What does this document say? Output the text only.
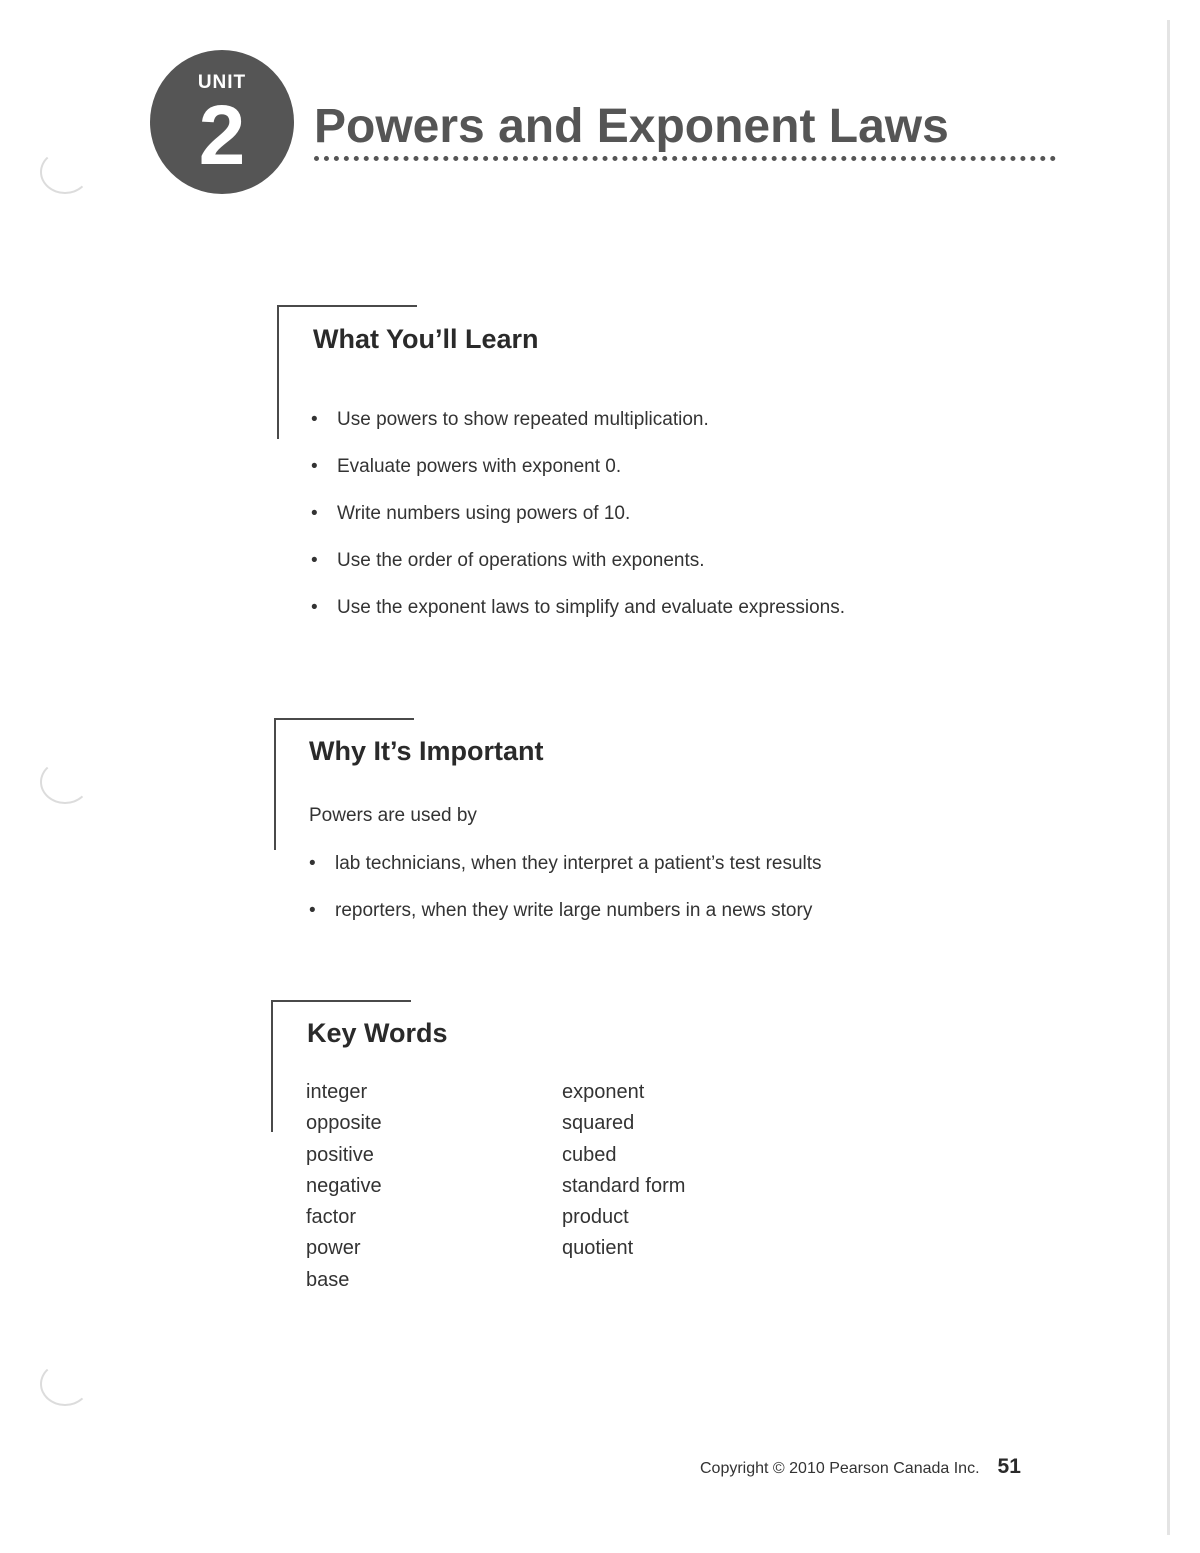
UNIT
2	Powers and Exponent Laws
What You’ll Learn
• Use powers to show repeated multiplication.
• Evaluate powers with exponent 0.
• Write numbers using powers of 10.
• Use the order of operations with exponents.
• Use the exponent laws to simplify and evaluate expressions.
Why It’s Important

Powers are used by

• lab technicians, when they interpret a patient’s test results
• reporters, when they write large numbers in a news story
Key Words
integer
opposite
positive
negative
factor
power
base
exponent
squared
cubed
standard form
product
quotient
Copyright © 2010 Pearson Canada Inc. 51
